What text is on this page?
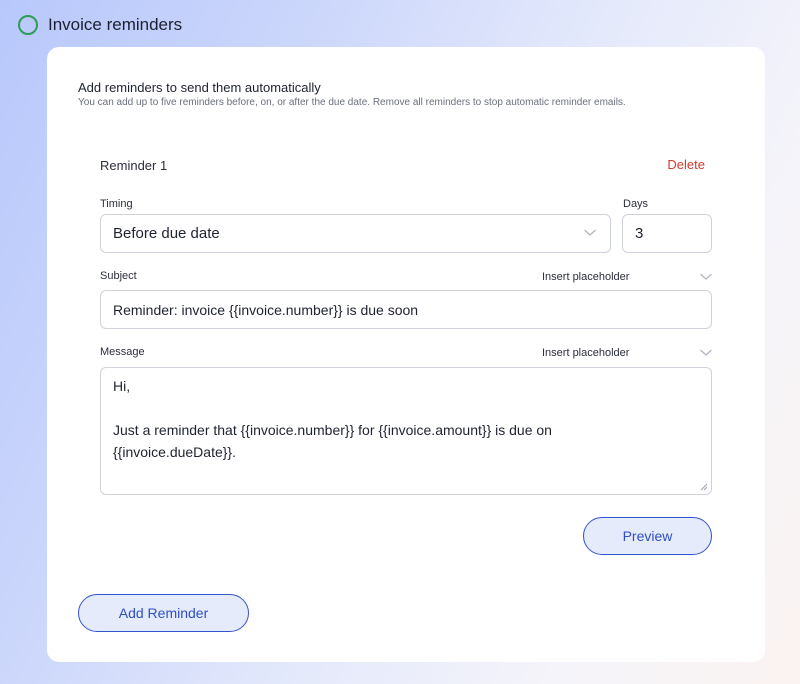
Invoice reminders
Add reminders to send them automatically
You can add up to five reminders before, on, or after the due date. Remove all reminders to stop automatic reminder emails.
Reminder 1	Delete
Timing	Days
Before due date
3
Subject	Insert placeholder
Reminder: invoice {{invoice.number}} is due soon
Message	Insert placeholder

Hi,

Just a reminder that {{invoice.number}} for {{invoice.amount}} is due on

{{invoice.dueDate}}.

Preview
Add Reminder
